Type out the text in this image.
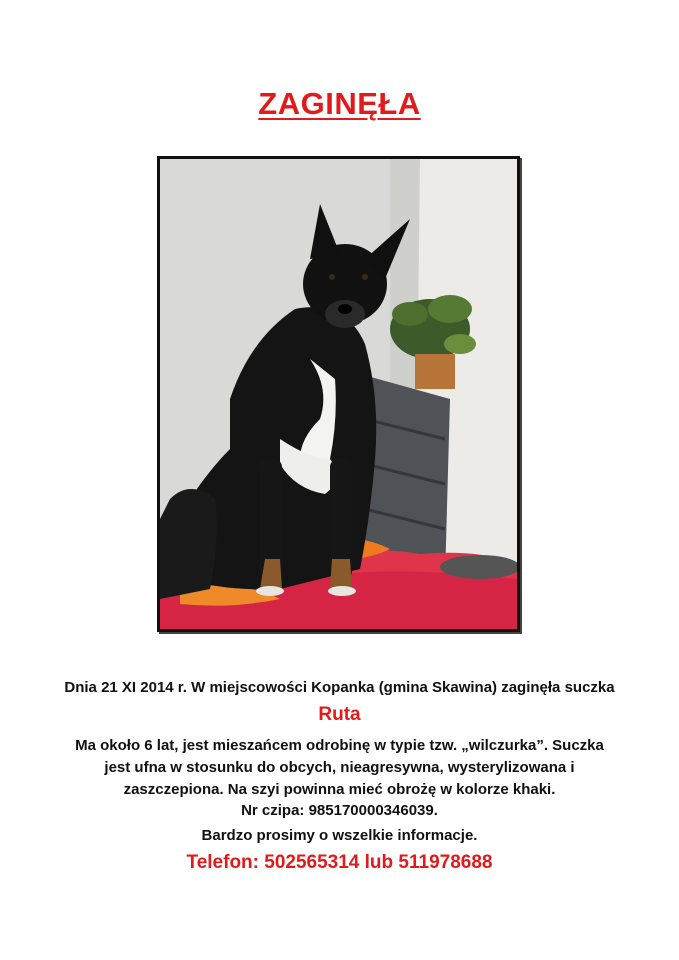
ZAGINĘŁA
Dnia 21 XI 2014 r. W miejscowości Kopanka (gmina Skawina) zaginęła suczka
Ruta
Ma około 6 lat, jest mieszańcem odrobinę w typie tzw. „wilczurka”. Suczka
jest ufna w stosunku do obcych, nieagresywna, wysterylizowana i
zaszczepiona. Na szyi powinna mieć obrożę w kolorze khaki.
Nr czipa: 985170000346039.
Bardzo prosimy o wszelkie informacje.
Telefon: 502565314 lub 511978688
